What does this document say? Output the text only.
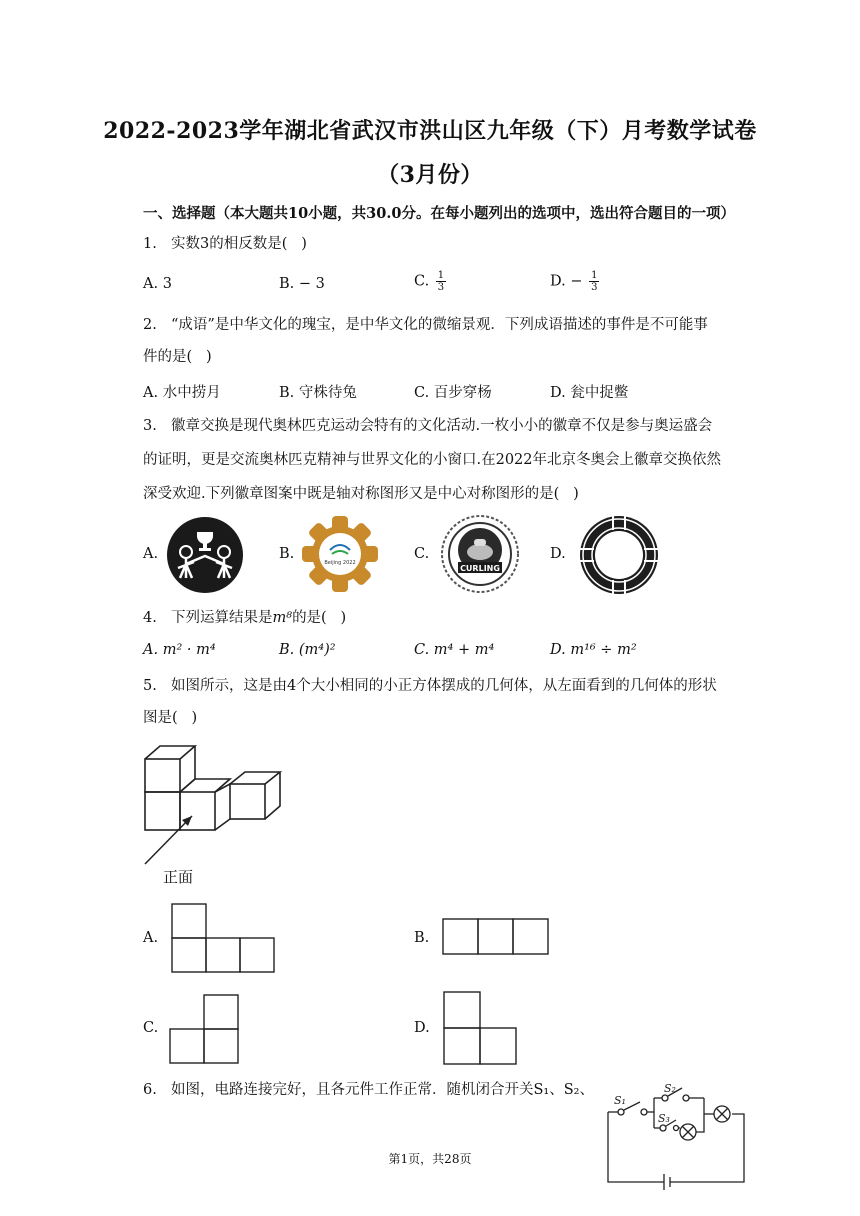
2022-2023学年湖北省武汉市洪山区九年级（下）月考数学试卷
（3月份）
一、选择题（本大题共10小题，共30.0分。在每小题列出的选项中，选出符合题目的一项）
1. 实数3的相反数是(   )
A. 3	B. − 3	C. $\frac{1}{3}$	D. − $\frac{1}{3}$
2. “成语”是中华文化的瑰宝，是中华文化的微缩景观．下列成语描述的事件是不可能事
件的是(   )
A. 水中捞月	B. 守株待兔	C. 百步穿杨	D. 瓮中捉鳖
3. 徽章交换是现代奥林匹克运动会特有的文化活动.一枚小小的徽章不仅是参与奥运盛会
的证明，更是交流奥林匹克精神与世界文化的小窗口.在2022年北京冬奥会上徽章交换依然
深受欢迎.下列徽章图案中既是轴对称图形又是中心对称图形的是(   )
A.	B.	C.	D.
Beijing 2022
CURLING
4. 下列运算结果是m⁸的是(   )
A. m² · m⁴	B. (m⁴)²	C. m⁴ + m⁴	D. m¹⁶ ÷ m²
5. 如图所示，这是由4个大小相同的小正方体摆成的几何体，从左面看到的几何体的形状
图是(   )
正面
A.	B.
C.	D.
6. 如图，电路连接完好，且各元件工作正常．随机闭合开关S₁、S₂、
S₁
S₂
S₃
第1页，共28页
